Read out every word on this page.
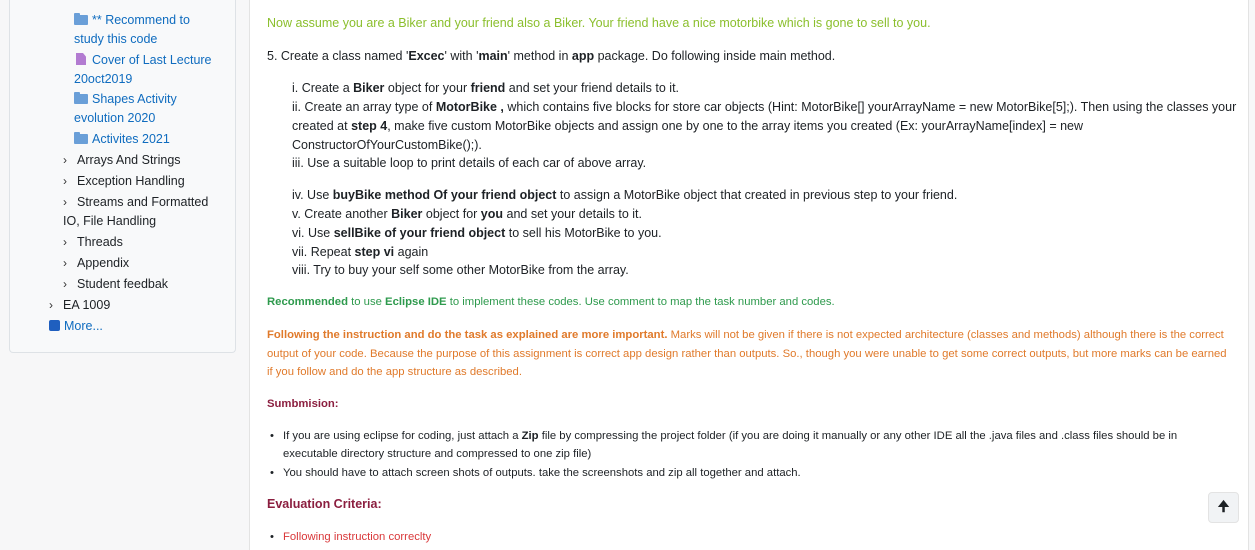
** Recommend to
study this code
Cover of Last Lecture
20oct2019
Shapes Activity
evolution 2020
Activites 2021
› Arrays And Strings
› Exception Handling
› Streams and Formatted
IO, File Handling
› Threads
› Appendix
› Student feedbak
› EA 1009
More...
Now assume you are a Biker and your friend also a Biker. Your friend have a nice motorbike which is gone to sell to you.
5. Create a class named 'Excec' with 'main' method in app package. Do following inside main method.
i. Create a Biker object for your friend and set your friend details to it.
ii. Create an array type of MotorBike , which contains five blocks for store car objects (Hint: MotorBike[] yourArrayName = new MotorBike[5];). Then using the classes your
created at step 4, make five custom MotorBike objects and assign one by one to the array items you created (Ex: yourArrayName[index] = new
ConstructorOfYourCustomBike();).
iii. Use a suitable loop to print details of each car of above array.
iv. Use buyBike method Of your friend object to assign a MotorBike object that created in previous step to your friend.
v. Create another Biker object for you and set your details to it.
vi. Use sellBike of your friend object to sell his MotorBike to you.
vii. Repeat step vi again
viii. Try to buy your self some other MotorBike from the array.
Recommended to use Eclipse IDE to implement these codes. Use comment to map the task number and codes.
Following the instruction and do the task as explained are more important. Marks will not be given if there is not expected architecture (classes and methods) although there is the correct
output of your code. Because the purpose of this assignment is correct app design rather than outputs. So., though you were unable to get some correct outputs, but more marks can be earned
if you follow and do the app structure as described.
Sumbmision:
• If you are using eclipse for coding, just attach a Zip file by compressing the project folder (if you are doing it manually or any other IDE all the .java files and .class files should be in
executable directory structure and compressed to one zip file)
• You should have to attach screen shots of outputs. take the screenshots and zip all together and attach.
Evaluation Criteria:
• Following instruction correclty
🠉
